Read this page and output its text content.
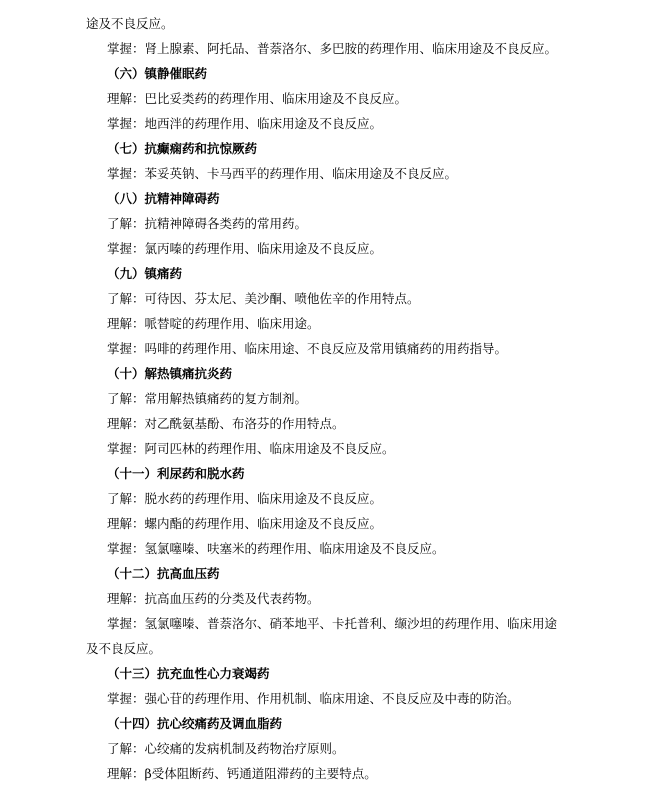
途及不良反应。
掌握：肾上腺素、阿托品、普萘洛尔、多巴胺的药理作用、临床用途及不良反应。
（六）镇静催眠药
理解：巴比妥类药的药理作用、临床用途及不良反应。
掌握：地西泮的药理作用、临床用途及不良反应。
（七）抗癫痫药和抗惊厥药
掌握：苯妥英钠、卡马西平的药理作用、临床用途及不良反应。
（八）抗精神障碍药
了解：抗精神障碍各类药的常用药。
掌握：氯丙嗪的药理作用、临床用途及不良反应。
（九）镇痛药
了解：可待因、芬太尼、美沙酮、喷他佐辛的作用特点。
理解：哌替啶的药理作用、临床用途。
掌握：吗啡的药理作用、临床用途、不良反应及常用镇痛药的用药指导。
（十）解热镇痛抗炎药
了解：常用解热镇痛药的复方制剂。
理解：对乙酰氨基酚、布洛芬的作用特点。
掌握：阿司匹林的药理作用、临床用途及不良反应。
（十一）利尿药和脱水药
了解：脱水药的药理作用、临床用途及不良反应。
理解：螺内酯的药理作用、临床用途及不良反应。
掌握：氢氯噻嗪、呋塞米的药理作用、临床用途及不良反应。
（十二）抗高血压药
理解：抗高血压药的分类及代表药物。
掌握：氢氯噻嗪、普萘洛尔、硝苯地平、卡托普利、缬沙坦的药理作用、临床用途
及不良反应。
（十三）抗充血性心力衰竭药
掌握：强心苷的药理作用、作用机制、临床用途、不良反应及中毒的防治。
（十四）抗心绞痛药及调血脂药
了解：心绞痛的发病机制及药物治疗原则。
理解：β受体阻断药、钙通道阻滞药的主要特点。
